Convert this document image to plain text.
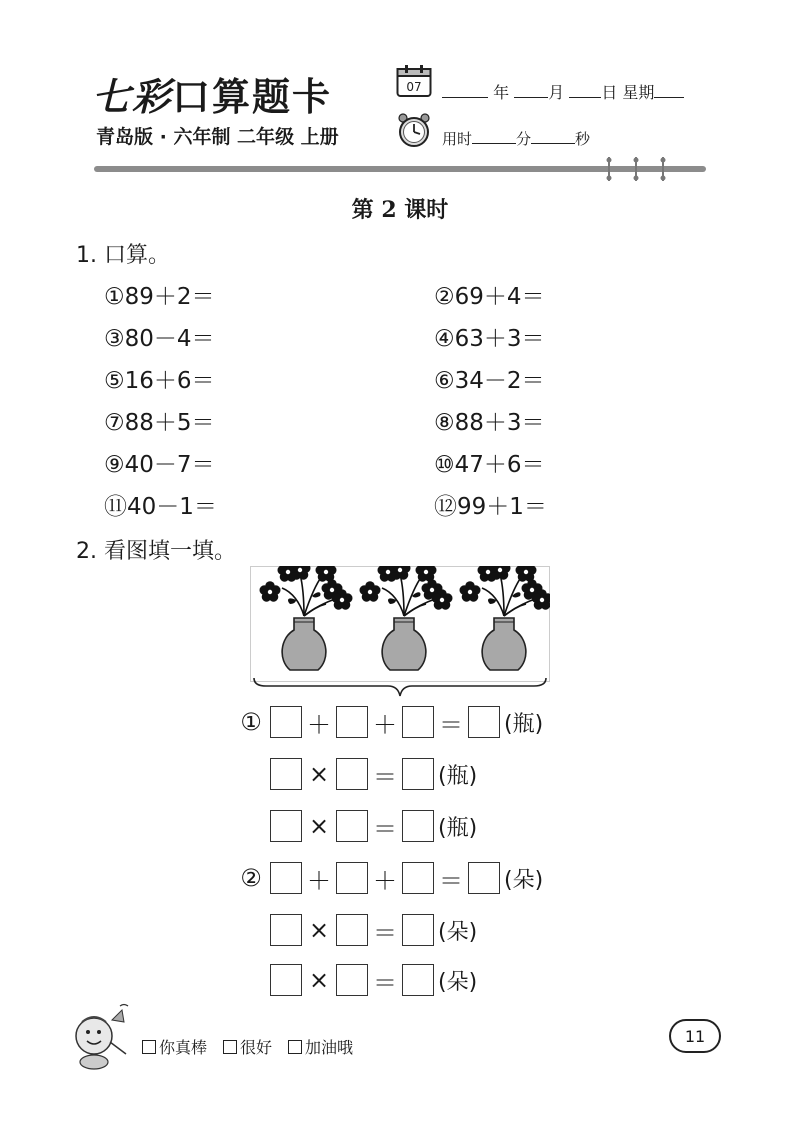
七彩口算题卡
青岛版 · 六年制 二年级 上册
07	年 月 日 星期
用时	分	秒
第 2 课时
1. 口算。
①89＋2＝	②69＋4＝
③80－4＝	④63＋3＝
⑤16＋6＝	⑥34－2＝
⑦88＋5＝	⑧88＋3＝
⑨40－7＝	⑩47＋6＝
⑪40－1＝	⑫99＋1＝
2. 看图填一填。
①	＋ ＋ ＝ (瓶)
× ＝ (瓶)
× ＝ (瓶)
②	＋ ＋ ＝ (朵)
× ＝ (朵)
× ＝ (朵)
你真棒	很好	加油哦
11
